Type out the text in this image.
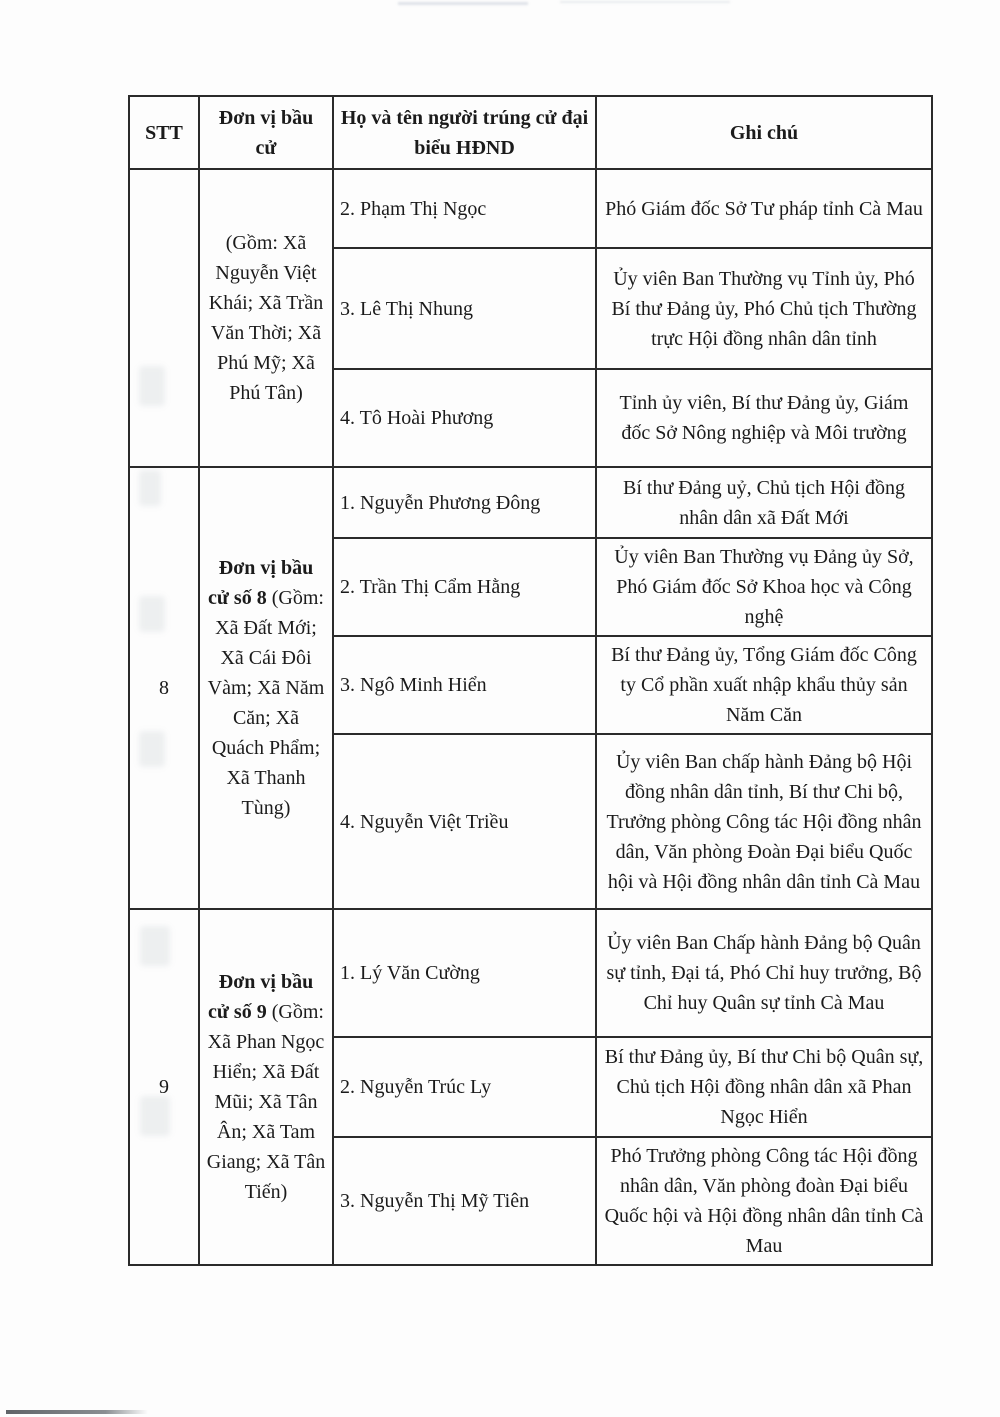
STT	Đơn vị bầu cử	Họ và tên người trúng cử đại biểu HĐND	Ghi chú
	(Gồm: Xã Nguyễn Việt Khái; Xã Trần Văn Thời; Xã Phú Mỹ; Xã Phú Tân)	2. Phạm Thị Ngọc	Phó Giám đốc Sở Tư pháp tỉnh Cà Mau
		3. Lê Thị Nhung	Ủy viên Ban Thường vụ Tỉnh ủy, Phó Bí thư Đảng ủy, Phó Chủ tịch Thường trực Hội đồng nhân dân tỉnh
		4. Tô Hoài Phương	Tỉnh ủy viên, Bí thư Đảng ủy, Giám đốc Sở Nông nghiệp và Môi trường
8	Đơn vị bầu cử số 8 (Gồm: Xã Đất Mới; Xã Cái Đôi Vàm; Xã Năm Căn; Xã Quách Phẩm; Xã Thanh Tùng)	1. Nguyễn Phương Đông	Bí thư Đảng uỷ, Chủ tịch Hội đồng nhân dân xã Đất Mới
		2. Trần Thị Cẩm Hằng	Ủy viên Ban Thường vụ Đảng ủy Sở, Phó Giám đốc Sở Khoa học và Công nghệ
		3. Ngô Minh Hiển	Bí thư Đảng ủy, Tổng Giám đốc Công ty Cổ phần xuất nhập khẩu thủy sản Năm Căn
		4. Nguyễn Việt Triều	Ủy viên Ban chấp hành Đảng bộ Hội đồng nhân dân tỉnh, Bí thư Chi bộ, Trưởng phòng Công tác Hội đồng nhân dân, Văn phòng Đoàn Đại biểu Quốc hội và Hội đồng nhân dân tỉnh Cà Mau
9	Đơn vị bầu cử số 9 (Gồm: Xã Phan Ngọc Hiển; Xã Đất Mũi; Xã Tân Ân; Xã Tam Giang; Xã Tân Tiến)	1. Lý Văn Cường	Ủy viên Ban Chấp hành Đảng bộ Quân sự tỉnh, Đại tá, Phó Chỉ huy trưởng, Bộ Chỉ huy Quân sự tỉnh Cà Mau
		2. Nguyễn Trúc Ly	Bí thư Đảng ủy, Bí thư Chi bộ Quân sự, Chủ tịch Hội đồng nhân dân xã Phan Ngọc Hiển
		3. Nguyễn Thị Mỹ Tiên	Phó Trưởng phòng Công tác Hội đồng nhân dân, Văn phòng đoàn Đại biểu Quốc hội và Hội đồng nhân dân tỉnh Cà Mau
